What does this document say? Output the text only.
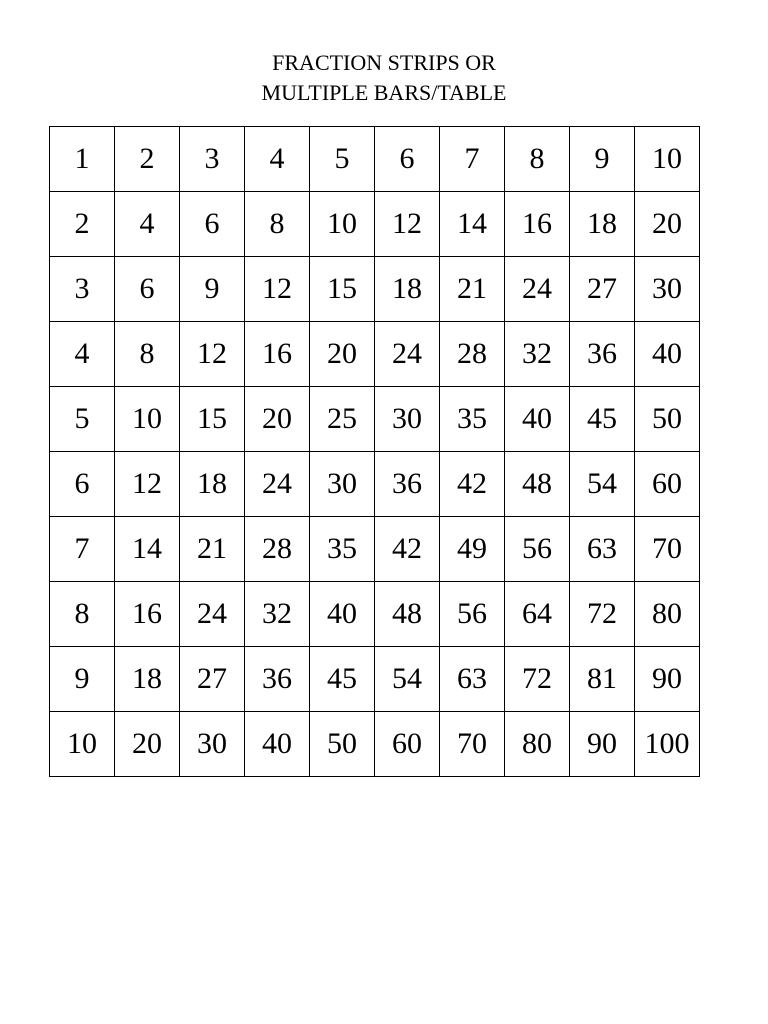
FRACTION STRIPS OR
MULTIPLE BARS/TABLE
1	2	3	4	5	6	7	8	9	10
2	4	6	8	10	12	14	16	18	20
3	6	9	12	15	18	21	24	27	30
4	8	12	16	20	24	28	32	36	40
5	10	15	20	25	30	35	40	45	50
6	12	18	24	30	36	42	48	54	60
7	14	21	28	35	42	49	56	63	70
8	16	24	32	40	48	56	64	72	80
9	18	27	36	45	54	63	72	81	90
10	20	30	40	50	60	70	80	90	100
